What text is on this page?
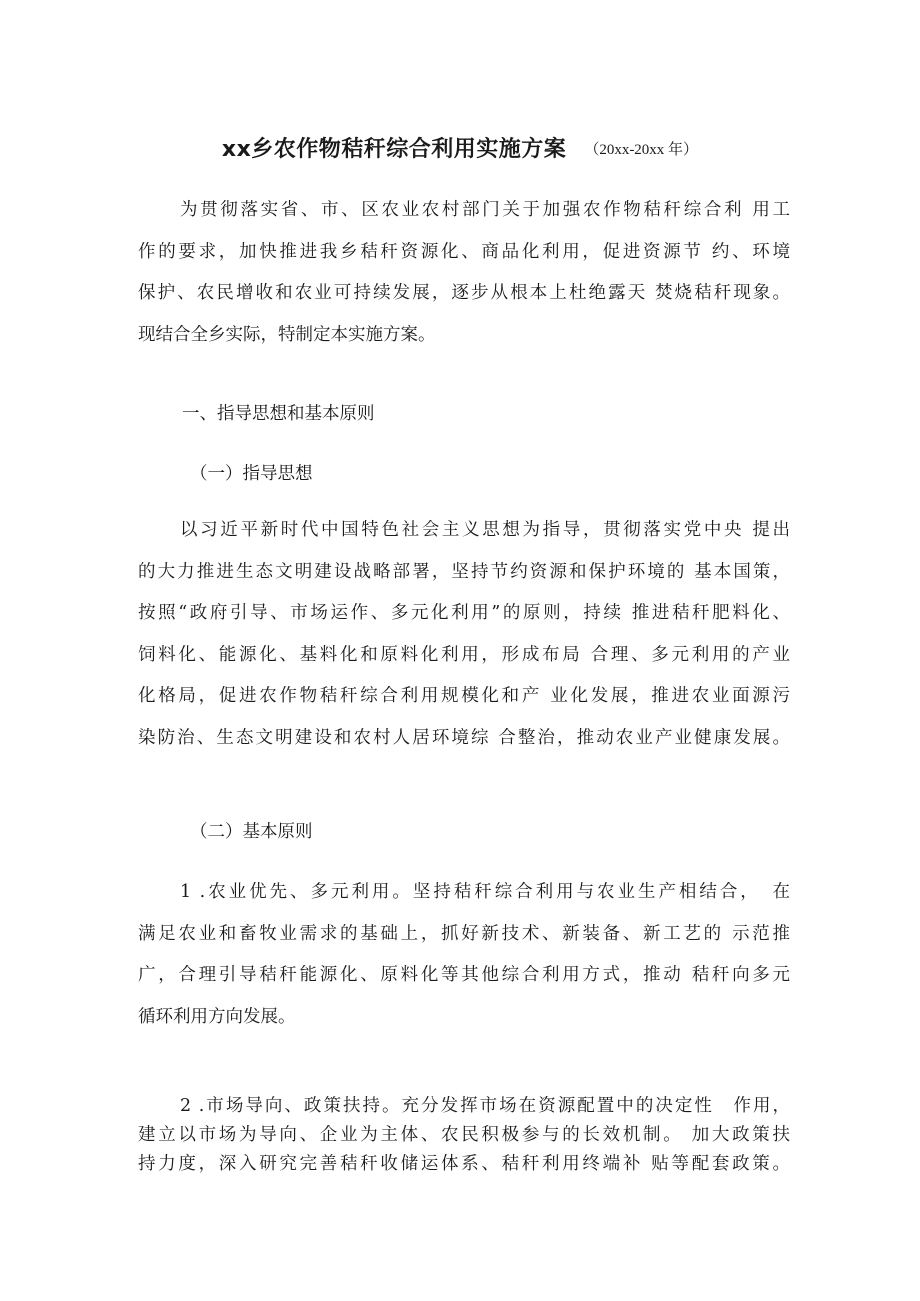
xx乡农作物秸秆综合利用实施方案 （20xx-20xx 年）
为贯彻落实省、市、区农业农村部门关于加强农作物秸秆综合利 用工
作的要求，加快推进我乡秸秆资源化、商品化利用，促进资源节 约、环境
保护、农民增收和农业可持续发展，逐步从根本上杜绝露天 焚烧秸秆现象。
现结合全乡实际，特制定本实施方案。
一、指导思想和基本原则
（一）指导思想
以习近平新时代中国特色社会主义思想为指导，贯彻落实党中央 提出
的大力推进生态文明建设战略部署，坚持节约资源和保护环境的 基本国策，
按照“政府引导、市场运作、多元化利用”的原则，持续 推进秸秆肥料化、
饲料化、能源化、基料化和原料化利用，形成布局 合理、多元利用的产业
化格局，促进农作物秸秆综合利用规模化和产 业化发展，推进农业面源污
染防治、生态文明建设和农村人居环境综 合整治，推动农业产业健康发展。
（二）基本原则
1 .农业优先、多元利用。坚持秸秆综合利用与农业生产相结合，　在
满足农业和畜牧业需求的基础上，抓好新技术、新装备、新工艺的 示范推
广，合理引导秸秆能源化、原料化等其他综合利用方式，推动 秸秆向多元
循环利用方向发展。
2 .市场导向、政策扶持。充分发挥市场在资源配置中的决定性　作用，
建立以市场为导向、企业为主体、农民积极参与的长效机制。 加大政策扶
持力度，深入研究完善秸秆收储运体系、秸秆利用终端补 贴等配套政策。
